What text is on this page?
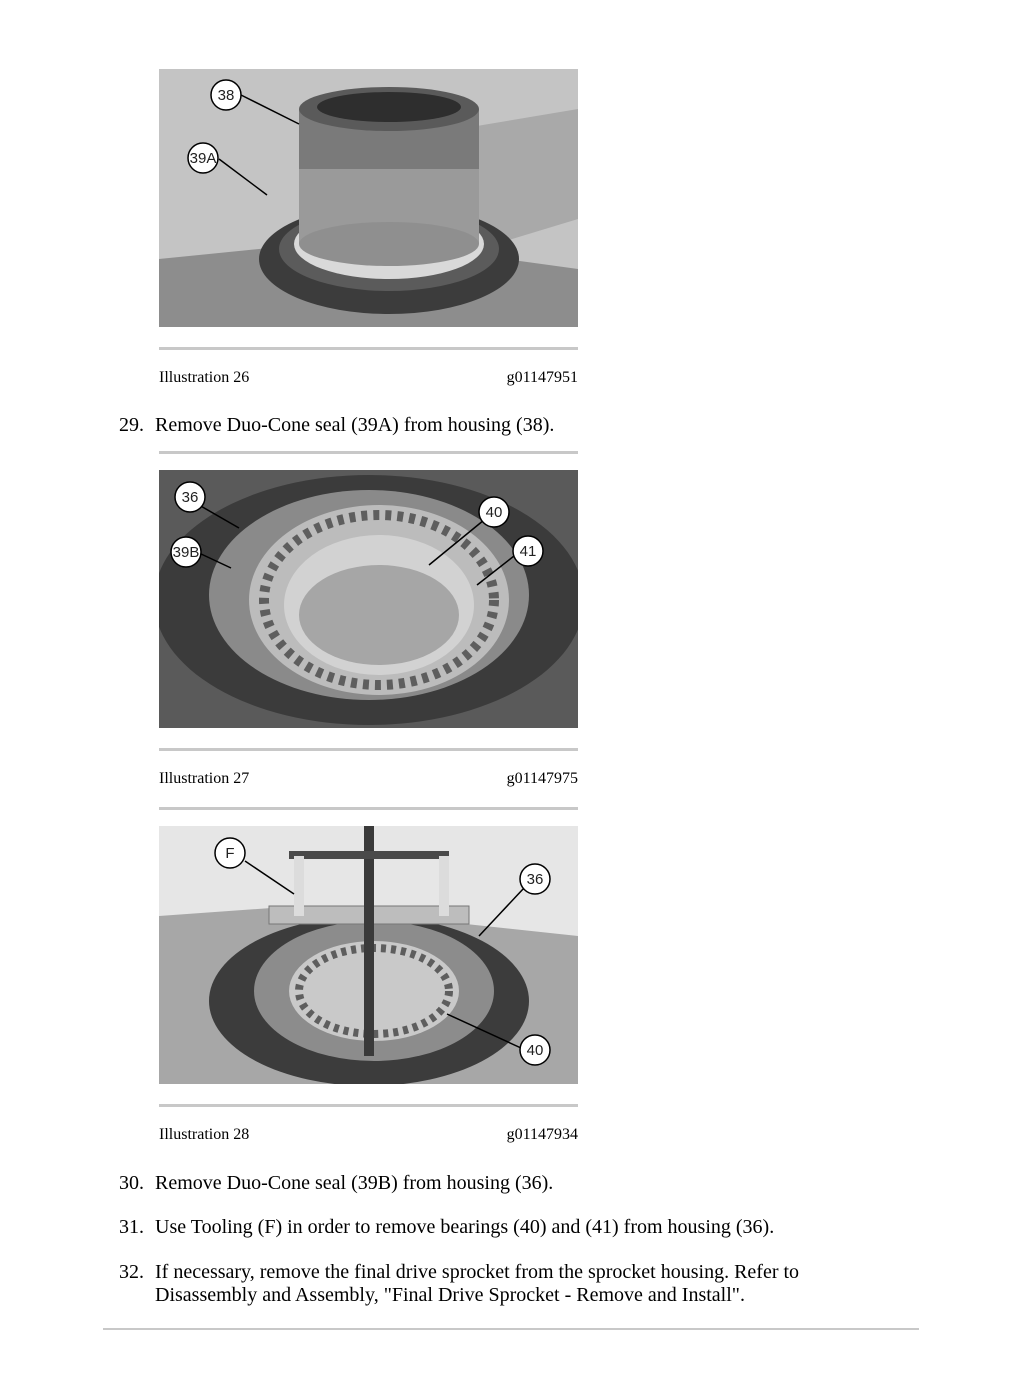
38
39A
Illustration 26	g01147951
29. Remove Duo-Cone seal (39A) from housing (38).
36
39B
40
41
Illustration 27	g01147975
F
36
40
Illustration 28	g01147934
30. Remove Duo-Cone seal (39B) from housing (36).
31. Use Tooling (F) in order to remove bearings (40) and (41) from housing (36).
32. If necessary, remove the final drive sprocket from the sprocket housing. Refer to Disassembly and Assembly, "Final Drive Sprocket - Remove and Install".
